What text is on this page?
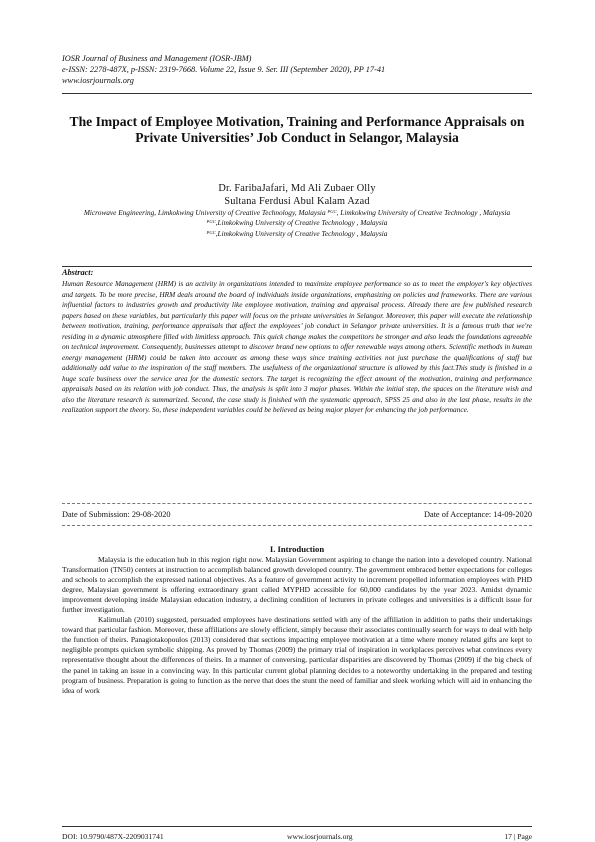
IOSR Journal of Business and Management (IOSR-JBM)
e-ISSN: 2278-487X, p-ISSN: 2319-7668. Volume 22, Issue 9. Ser. III (September 2020), PP 17-41
www.iosrjournals.org
The Impact of Employee Motivation, Training and Performance Appraisals on Private Universities’ Job Conduct in Selangor, Malaysia
Dr. FaribaJafari, Md Ali Zubaer Olly
Sultana Ferdusi Abul Kalam Azad
Microwave Engineering, Limkokwing University of Creative Technology, Malaysia $^{PGC}$, Limkokwing University of Creative Technology , Malaysia
$^{PGC}$,Limkokwing University of Creative Technology , Malaysia
$^{PGC}$,Limkokwing University of Creative Technology , Malaysia
Abstract:
Human Resource Management (HRM) is an activity in organizations intended to maximize employee performance so as to meet the employer's key objectives and targets. To be more precise, HRM deals around the board of individuals inside organizations, emphasizing on policies and frameworks. There are various influential factors to industries growth and productivity like employee motivation, training and appraisal process. Already there are few published research papers based on these variables, but particularly this paper will focus on the private universities in Selangor. Moreover, this paper will execute the relationship between motivation, training, performance appraisals that affect the employees’ job conduct in Selangor private universities. It is a famous truth that we're residing in a dynamic atmosphere filled with limitless approach. This quick change makes the competitors be stronger and also leads the foundations agreeable on technical improvement. Consequently, businesses attempt to discover brand new options to offer renewable ways among others. Scientific methods in human energy management (HRM) could be taken into account as among these ways since training activities not just purchase the qualifications of staff but additionally add value to the inspiration of the staff members. The usefulness of the organizational structure is allowed by this fact.This study is finished in a huge scale business over the service area for the domestic sectors. The target is recognizing the effect amount of the motivation, training and performance appraisals based on its relation with job conduct. Thus, the analysis is split into 3 major phases. Within the initial step, the spaces on the literature wish and also the literature research is summarized. Second, the case study is finished with the systematic approach, SPSS 25 and also in the last phase, results in the realization support the theory. So, these independent variables could be believed as being major player for enhancing the job performance.
Date of Submission: 29-08-2020	Date of Acceptance: 14-09-2020
I. Introduction

Malaysia is the education hub in this region right now. Malaysian Government aspiring to change the nation into a developed country. National Transformation (TN50) centers at instruction to accomplish balanced growth developed country. The government embraced better expectations for colleges and schools to accomplish the expressed national objectives. As a feature of government activity to increment propelled information employees with PHD degree, Malaysian government is offering extraordinary grant called MYPHD accessible for 60,000 candidates by the year 2023. Amidst dynamic improvement developing inside Malaysian education industry, a declining condition of lecturers in private colleges and universities is a difficult issue for further investigation.

Kalimullah (2010) suggested, persuaded employees have destinations settled with any of the affiliation in addition to paths their undertakings toward that particular fashion. Moreover, these affiliations are slowly efficient, simply because their associates continually search for ways to deal with help the function of theirs. Panagiotakopoulos (2013) considered that sections impacting employee motivation at a time where money related gifts are kept to negligible prompts quicken symbolic shipping. As proved by Thomas (2009) the primary trial of inspiration in workplaces perceives what convinces every representative thought about the differences of theirs. In a manner of conversing, particular disparities are discovered by Thomas (2009) if the big check of the panel in taking an issue in a convincing way. In this particular current global planning decides to a noteworthy undertaking in the prepared and testing program of business. Preparation is going to function as the nerve that does the stunt the need of familiar and sleek working which will aid in enhancing the idea of work

DOI: 10.9790/487X-2209031741	www.iosrjournals.org	17 | Page
